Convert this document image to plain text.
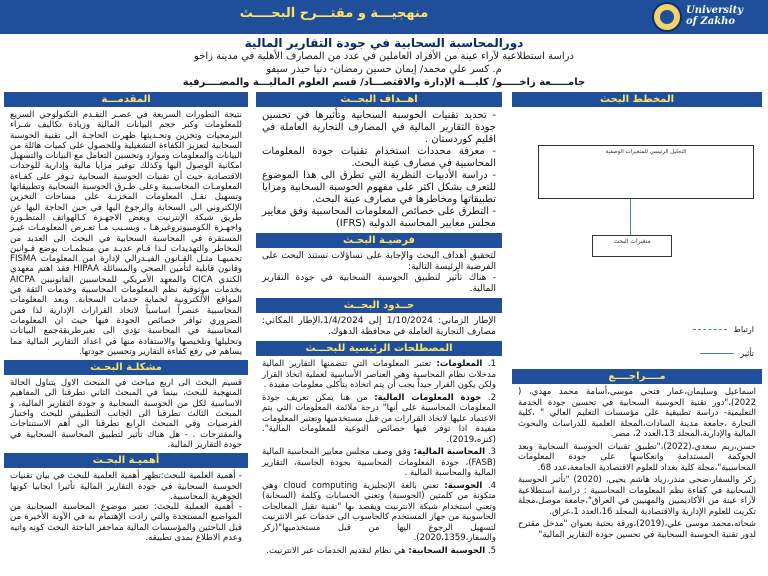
منهجيـــة و مقتـــرح البحــــث	University
of Zakho
دورالمحاسبة السحابية في جودة التقارير المالية
دراسة استطلاعية لآراء عينة من الأفراد العاملين في عدد من المصارف الأهلية في مدينة زاخو
م. كسر علي محمد/ إيمان حسين رمضان- دنيا حيدر سيفو
جامـــــعة زاخـــــو/ كليـــة الإدارة والاقتصـــاد/ قسم العلوم الماليـــة والمصــــرفية
المخطط البحث
التحليل الرئيسي للمتغيرات الوصفية
متغيرات البحث
ارتباط
تأثير
مــــراجــــع
اسماعيل وسليمان،عمار فتحي موسى،أسامة محمد مهدي، ( 2022)،"دور تقنية الحوسبة السحابية في تحسين جودة الخدمة التعليمية- دراسة تطبيقية على مؤسسات التعليم العالي " ،كلية التجارة ،جامعة مدينة السادات،المجلة العلمية للدراسات والبحوث المالية والإدارية،المجلد 13،العدد 2، مصر.
حسن،ربم سعدي،(2022)،"تطبيق تقنيات الحوسبة السحابية وبعد الحوكمة المستدامة وانعكاسها على جودة المعلومات المحاسبية"،مجلة كلية بغداد للعلوم الاقتصادية الجامعة،عدد 68.
زكر والسفار،ضحى منذر،زياد هاشم يحيى، (2020) "تأثير الحوسبة السحابية في كفاءة نظم المعلومات المحاسبية : دراسة استطلاعية لآراء عينة من الأكاديميين والمهنيين في العراق"،جامعة موصل،مجلة تكريت للعلوم الإدارية والاقتصادية المجلد 16،العدد 1،عراق.
شحاته،محمد موسى علي،(2019)،ورقة بحثية بعنوان "مدخل مقترح لدور تقنية الحوسبة السحابية في تحسين جودة التقارير المالية"
اهــداف البحــث
- تحديد تقنيات الحوسبة السحابية وتأثيرها في تحسين جودة التقارير المالية في المصارف التجارية العاملة في اقليم كوردستان .
- معرفة محددات استخدام تقنيات جودة المعلومات المحاسبية في مصارف عينة البحث.
- دراسة الأدبيات النظرية التي تطرق الى هذا الموضوع للتعرف بشكل اكثر على مفهوم الحوسبة السحابية ومزايا تطبيقاتها ومخاطرها في مصارف عينة البحث.
- التطرق على خصائص المعلومات المحاسبية وفق معايير مجلس معايير المحاسبة الدولية (IFRS)
فرضيـة البحـث
لتحقيق أهداف البحث والإجابة على تساؤلات تستند البحث على الفرضية الرئيسة التالية:
- هناك تأثير لتطبيق الحوسبة السحابية في جودة التقارير المالية.
حــدود البحــث
الإطار الزماني: 1/10/2024 إلى 1/4/2024،الإطار المكاني: مصارف التجارية العاملة في محافظة الدهوك.
المصطلحات الرئيسية للبحـــث
1. المعلومات: تعتبر المعلومات التي تتضمنها التقارير المالية مدخلات نظام المحاسبة وهي العناصر الأساسية لعملية اتخاذ القرار ولكن يكون القرار جيداً يجب أن يتم اتخاذه بتأكلى معلومات مفيدة .
2. جودة المعلومات المالية: من هنا يمكن تعريف جودة المعلومات المحاسبية على أنها" درجة ملائمة المعلومات التي يتم الاعتماد عليها لاتخاذ القرارات من قبل مستخدميها وتعتبر المعلومات مفيدة اذا توفر فيها خصائص النوعية للمعلومات المالية".(كنزه،2019).
3. المحاسبة المالية: وفق وصف مجلس معايير المحاسبة المالية (FASB)، جودة المعلومات المحاسبية بجودة الحاسبة، التقارير المالية والمحاسبة المالية .
4. الحوسبة: تعني بالغة الإنجليزية cloud computing وهي متكونة من كلمتين (الحوسبة) وتعني الحسابات وكلمة (السحابة) وتعني استخدام شبكة الانترنيت ويقصد بها "تقنية تقبل المعالجات الحاسوبية من جهاز المستخدم كالحاسوب الى خدمات عبر الانترنيت لتسهيل الرجوع اليها من قبل مستخدميها"(زكر والسفار،2020،1359).
5. الحوسبة السحابية: هي نظام لتقديم الخدمات عبر الانترنيت.
المقدمـــة
نتيجة التطورات السريعة في عصـر التقـدم التكنولوجي السريع للمعلومات وكبر حجم البيانات المالية وزيادة تكاليف شـراء البرمجيات وتخزين وتحـديثها ظهرت الحاجـة الى تقنية الحوسبة السحابية لتعزيز الكفاءة التشغيلية وللحصول على كميات هائلة من البيانات والمعلومات وموارد وتحسين التعامل مع البيانات والتسهيل امكانية الوصول اليها وكذلك توفير مزايا مالية وإدارية للوحدات الاقتصادية حيث أن تقنيات الحوسبة السحابية تـوفر على كفـاءة المعلومـات المحاسـبية وعلى طـرق الحوسبة السحابية وتطبيقاتها وتسهيل نقـل المعلومات المخزنـة على مساحات التخزين الإلكتروني الى السحابة والرجوع اليها في حين الحاجة اليها عن طريق شبكة الإنترنيت وبعض الاجهـزة كـالهواتف المتطـورة واجهـزة الكومبيوتروغيرهـا ، وبسـبب مـا تعـرض المعلومـات غيـر المستقرة في المحاسبة السحابية في البحث الى العديد من المخاطر والتهديدات لـذا قـام عديـد من منظمـات بوضع قـوانين تحميهـا مثـل القـانون الفيـدرالي لإدارة امن المعلومات FISMA وقانون قابلية لتأمين الصحي والمسائلة HIPAA فقد اهتم معهدي الكندي CICA والمعهد الأمريكي للمحاسبين القانونيين AICPA بخدمات موثوقية نظم المعلومات المحاسبية وخدمات الثقة في المواقع الألكترونية لحماية خدمات السحابة. وبعد المعلومات المحاسبية عنصراً اساسياً لاتخاذ القرارات الإدارية لذا فمن الضروري توافر خصائص الجودة فيها حيث ان المعلومات المحاسبية في المحاسبة تؤدي الى تغيرطريقةجمع البيانات وتحليلها وتلخيصها والاستفادة منها في اعداد التقارير المالية مما يساهم في رفع كفاءة التقارير وتحسين جودتها.
مشكلـة البحـث
قسيم البحث الى اربع مباحث في المبحث الاول يتناول الحالة المنهجية للبحث، بينما في المبحث الثاني تطرقنا الى المفاهيم الاساسية لكل من الحوسبة السحابية و جودة التقارير المالية، و المبحث الثالث تطرقنا الى الجانب التطبيقي للبحث واختبار الفرضيات وفي المبحث الرابع تطرقنا الى أهم الاستنتاجات والمقترحات . - هل هناك تأثير لتطبيق المحاسبة السحابية في جودة التقارير المالية.
أهميـة البحـث
- أهمية العلمية للبحث:تظهر أهمية العلمية للبحث في بيان تقنيات الحوسبة السحابية في جودة التقارير المالية تأثيرا ايجابيا كونها الجوهرية المحاسبية.
- أهمية العملية للبحث: تعتبر موضوع المحاسبة السحابية من المواضيع المستجدة والتي زادت الإهتمام به في الآونة الأخيرة من قبل الباحثين والمؤسسات المالية مماحفز الباحثة البحث كونه واتيه وعدم الاطلاع بمدى تطبيقه.
